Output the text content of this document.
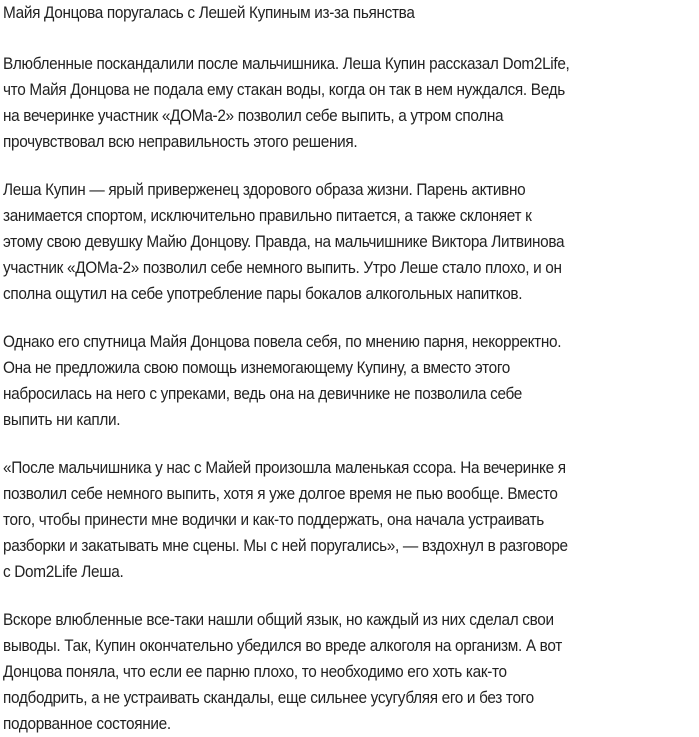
Майя Донцова поругалась с Лешей Купиным из-за пьянства

Влюбленные поскандалили после мальчишника. Леша Купин рассказал Dom2Life,
что Майя Донцова не подала ему стакан воды, когда он так в нем нуждался. Ведь
на вечеринке участник «ДОМа-2» позволил себе выпить, а утром сполна
прочувствовал всю неправильность этого решения.

Леша Купин — ярый приверженец здорового образа жизни. Парень активно
занимается спортом, исключительно правильно питается, а также склоняет к
этому свою девушку Майю Донцову. Правда, на мальчишнике Виктора Литвинова
участник «ДОМа-2» позволил себе немного выпить. Утро Леше стало плохо, и он
сполна ощутил на себе употребление пары бокалов алкогольных напитков.

Однако его спутница Майя Донцова повела себя, по мнению парня, некорректно.
Она не предложила свою помощь изнемогающему Купину, а вместо этого
набросилась на него с упреками, ведь она на девичнике не позволила себе
выпить ни капли.

«После мальчишника у нас с Майей произошла маленькая ссора. На вечеринке я
позволил себе немного выпить, хотя я уже долгое время не пью вообще. Вместо
того, чтобы принести мне водички и как-то поддержать, она начала устраивать
разборки и закатывать мне сцены. Мы с ней поругались», — вздохнул в разговоре
с Dom2Life Леша.

Вскоре влюбленные все-таки нашли общий язык, но каждый из них сделал свои
выводы. Так, Купин окончательно убедился во вреде алкоголя на организм. А вот
Донцова поняла, что если ее парню плохо, то необходимо его хоть как-то
подбодрить, а не устраивать скандалы, еще сильнее усугубляя его и без того
подорванное состояние.
